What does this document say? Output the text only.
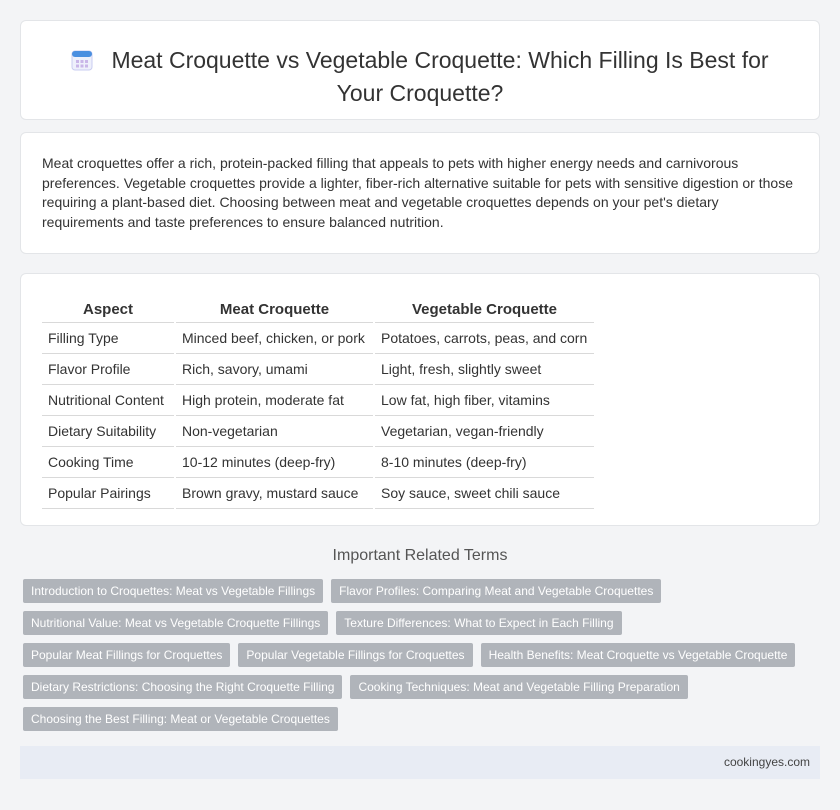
Meat Croquette vs Vegetable Croquette: Which Filling Is Best for Your Croquette?

Meat croquettes offer a rich, protein-packed filling that appeals to pets with higher energy needs and carnivorous preferences. Vegetable croquettes provide a lighter, fiber-rich alternative suitable for pets with sensitive digestion or those requiring a plant-based diet. Choosing between meat and vegetable croquettes depends on your pet's dietary requirements and taste preferences to ensure balanced nutrition.

Aspect	Meat Croquette	Vegetable Croquette
Filling Type	Minced beef, chicken, or pork	Potatoes, carrots, peas, and corn
Flavor Profile	Rich, savory, umami	Light, fresh, slightly sweet
Nutritional Content	High protein, moderate fat	Low fat, high fiber, vitamins
Dietary Suitability	Non-vegetarian	Vegetarian, vegan-friendly
Cooking Time	10-12 minutes (deep-fry)	8-10 minutes (deep-fry)
Popular Pairings	Brown gravy, mustard sauce	Soy sauce, sweet chili sauce
Important Related Terms
Introduction to Croquettes: Meat vs Vegetable Fillings	Flavor Profiles: Comparing Meat and Vegetable Croquettes
Nutritional Value: Meat vs Vegetable Croquette Fillings	Texture Differences: What to Expect in Each Filling
Popular Meat Fillings for Croquettes	Popular Vegetable Fillings for Croquettes	Health Benefits: Meat Croquette vs Vegetable Croquette
Dietary Restrictions: Choosing the Right Croquette Filling	Cooking Techniques: Meat and Vegetable Filling Preparation
Choosing the Best Filling: Meat or Vegetable Croquettes
cookingyes.com
